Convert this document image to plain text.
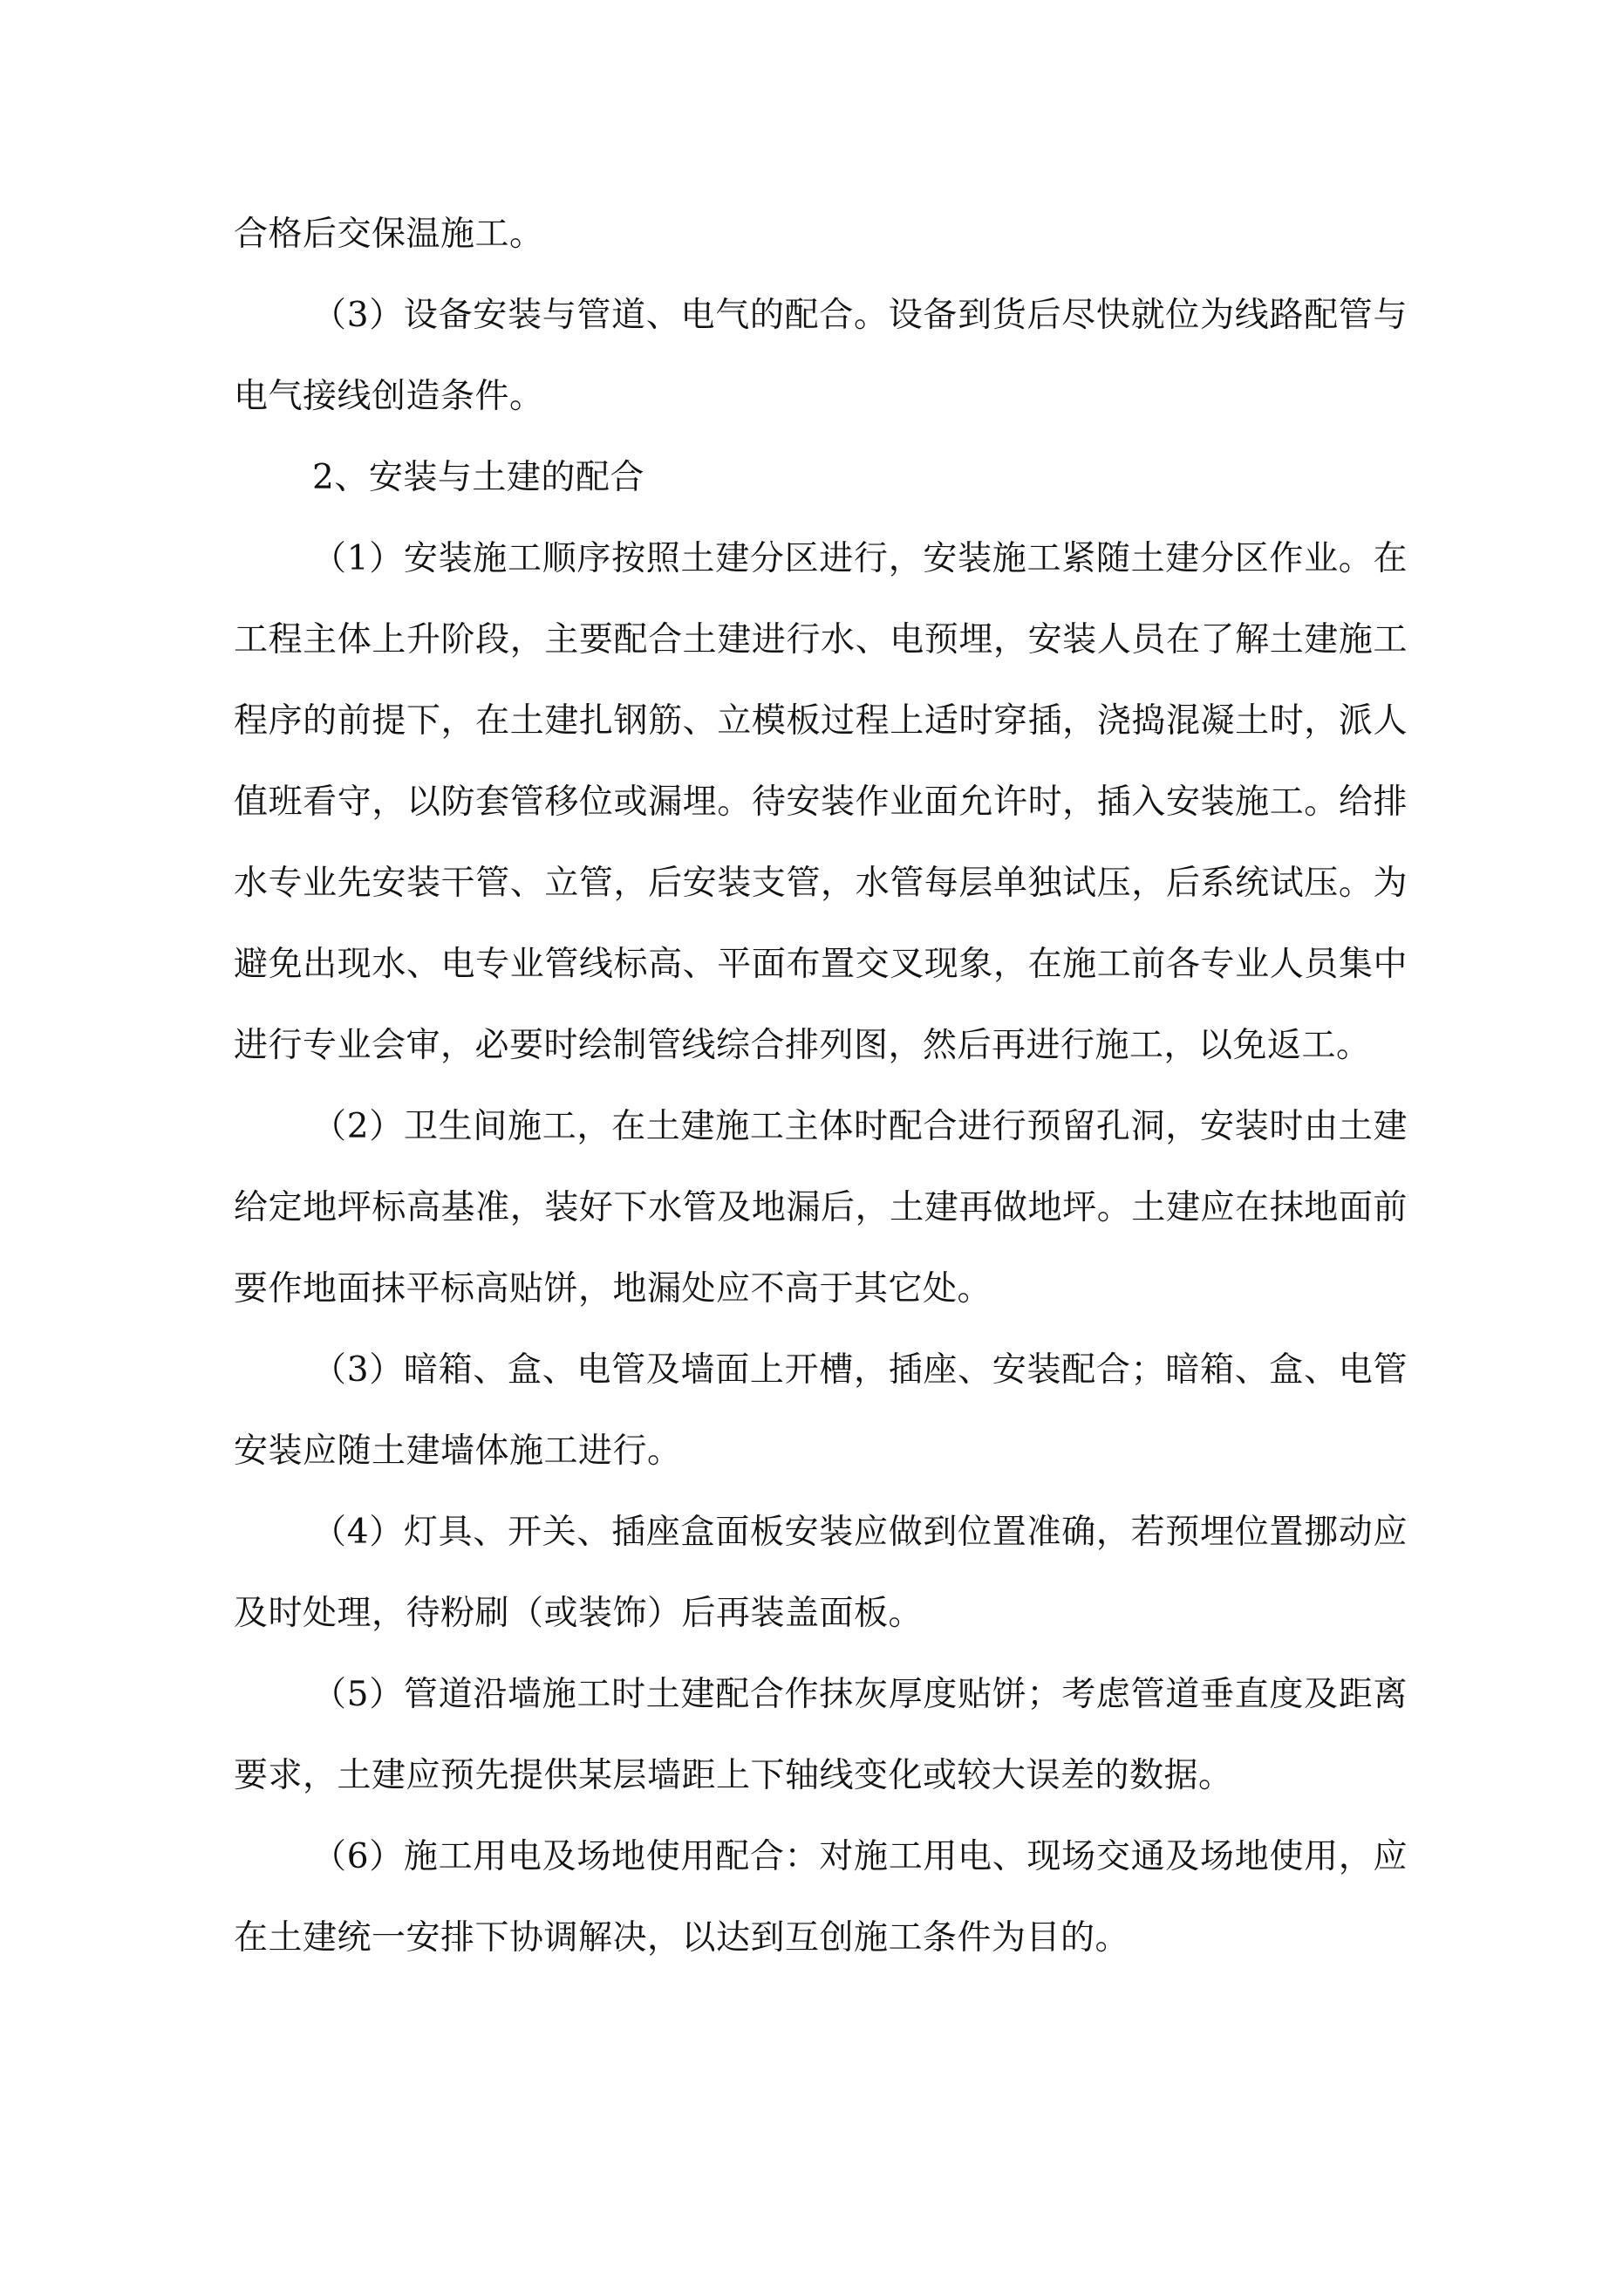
合格后交保温施工。

（3）设备安装与管道、电气的配合。设备到货后尽快就位为线路配管与电气接线创造条件。

2、安装与土建的配合

（1）安装施工顺序按照土建分区进行，安装施工紧随土建分区作业。在工程主体上升阶段，主要配合土建进行水、电预埋，安装人员在了解土建施工程序的前提下，在土建扎钢筋、立模板过程上适时穿插，浇捣混凝土时，派人值班看守，以防套管移位或漏埋。待安装作业面允许时，插入安装施工。给排水专业先安装干管、立管，后安装支管，水管每层单独试压，后系统试压。为避免出现水、电专业管线标高、平面布置交叉现象，在施工前各专业人员集中进行专业会审，必要时绘制管线综合排列图，然后再进行施工，以免返工。

（2）卫生间施工，在土建施工主体时配合进行预留孔洞，安装时由土建给定地坪标高基准，装好下水管及地漏后，土建再做地坪。土建应在抹地面前要作地面抹平标高贴饼，地漏处应不高于其它处。

（3）暗箱、盒、电管及墙面上开槽，插座、安装配合；暗箱、盒、电管安装应随土建墙体施工进行。

（4）灯具、开关、插座盒面板安装应做到位置准确，若预埋位置挪动应及时处理，待粉刷（或装饰）后再装盖面板。

（5）管道沿墙施工时土建配合作抹灰厚度贴饼；考虑管道垂直度及距离要求，土建应预先提供某层墙距上下轴线变化或较大误差的数据。

（6）施工用电及场地使用配合：对施工用电、现场交通及场地使用，应在土建统一安排下协调解决，以达到互创施工条件为目的。
